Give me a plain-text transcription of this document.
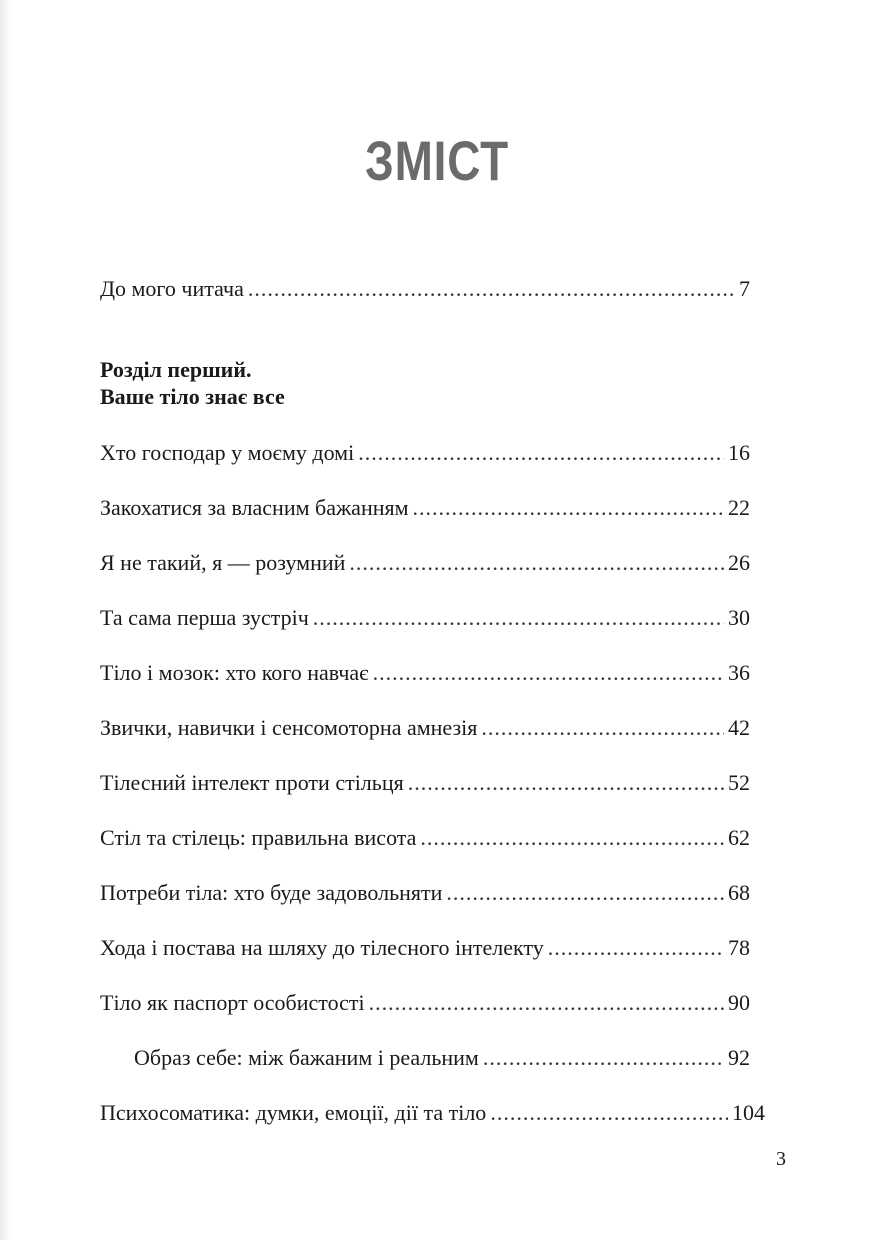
ЗМІСТ
До мого читача .....	7
Розділ перший.
Ваше тіло знає все
Хто господар у моєму домі .....	16
Закохатися за власним бажанням .....	22
Я не такий, я — розумний .....	26
Та сама перша зустріч .....	30
Тіло і мозок: хто кого навчає .....	36
Звички, навички і сенсомоторна амнезія .....	42
Тілесний інтелект проти стільця .....	52
Стіл та стілець: правильна висота .....	62
Потреби тіла: хто буде задовольняти .....	68
Хода і постава на шляху до тілесного інтелекту .....	78
Тіло як паспорт особистості .....	90
Образ себе: між бажаним і реальним .....	92
Психосоматика: думки, емоції, дії та тіло .....	104
3
